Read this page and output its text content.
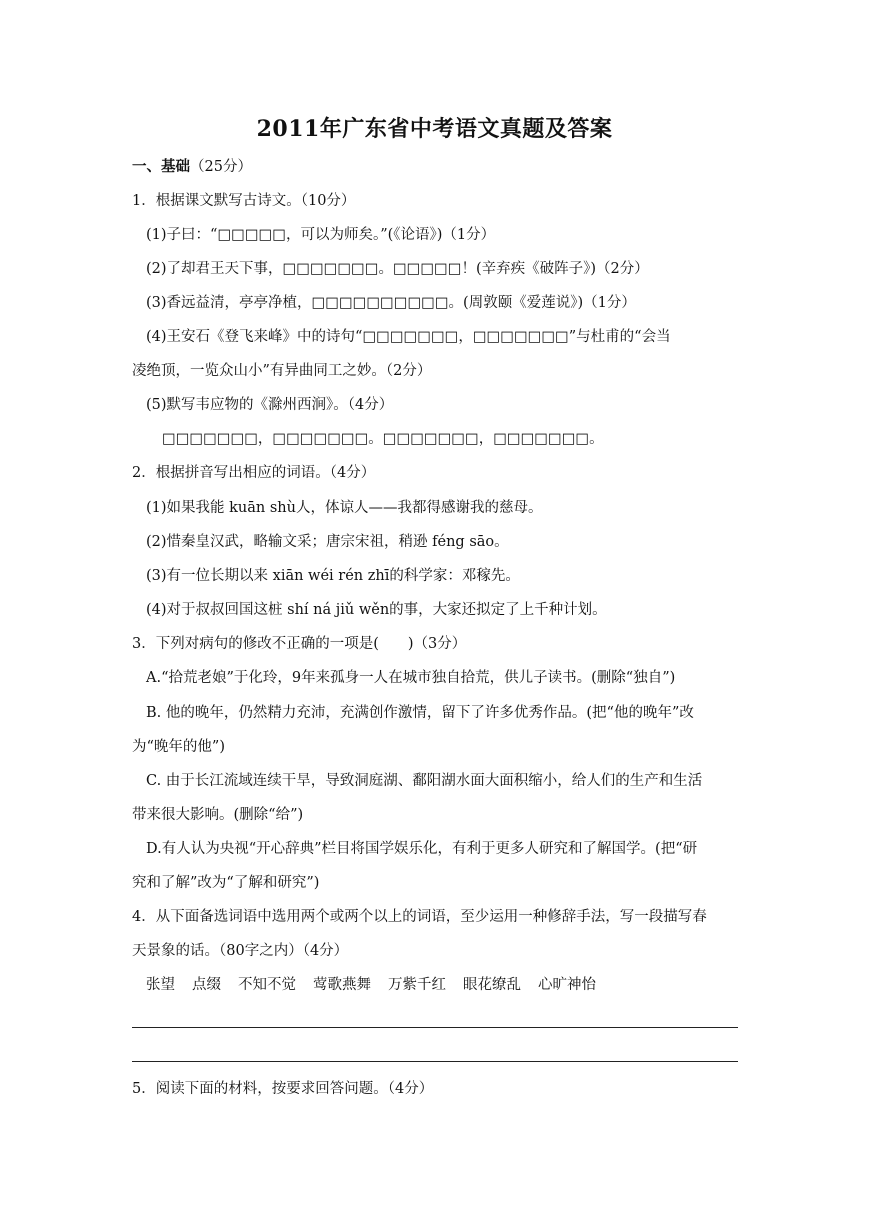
2011年广东省中考语文真题及答案
一、基础（25分）
1．根据课文默写古诗文。（10分）
(1)子曰：“□□□□□，可以为师矣。”(《论语》)（1分）
(2)了却君王天下事，□□□□□□□。□□□□□！(辛弃疾《破阵子》)（2分）
(3)香远益清，亭亭净植，□□□□□□□□□□。(周敦颐《爱莲说》)（1分）
(4)王安石《登飞来峰》中的诗句“□□□□□□□，□□□□□□□”与杜甫的“会当
凌绝顶，一览众山小”有异曲同工之妙。（2分）
(5)默写韦应物的《滁州西涧》。（4分）
□□□□□□□，□□□□□□□。□□□□□□□，□□□□□□□。
2．根据拼音写出相应的词语。（4分）
(1)如果我能 kuān shù人，体谅人——我都得感谢我的慈母。
(2)惜秦皇汉武，略输文采；唐宗宋祖，稍逊 féng sāo。
(3)有一位长期以来 xiān wéi rén zhī的科学家：邓稼先。
(4)对于叔叔回国这桩 shí ná jiǔ wěn的事，大家还拟定了上千种计划。
3．下列对病句的修改不正确的一项是(　　)（3分）
A.“拾荒老娘”于化玲，9年来孤身一人在城市独自拾荒，供儿子读书。(删除“独自”)
B. 他的晚年，仍然精力充沛，充满创作激情，留下了许多优秀作品。(把“他的晚年”改
为“晚年的他”)
C. 由于长江流域连续干旱，导致洞庭湖、鄱阳湖水面大面积缩小，给人们的生产和生活
带来很大影响。(删除“给”)
D.有人认为央视“开心辞典”栏目将国学娱乐化，有利于更多人研究和了解国学。(把“研
究和了解”改为“了解和研究”)
4．从下面备选词语中选用两个或两个以上的词语，至少运用一种修辞手法，写一段描写春
天景象的话。（80字之内）（4分）
张望 点缀 不知不觉 莺歌燕舞 万紫千红 眼花缭乱 心旷神怡
5．阅读下面的材料，按要求回答问题。（4分）
